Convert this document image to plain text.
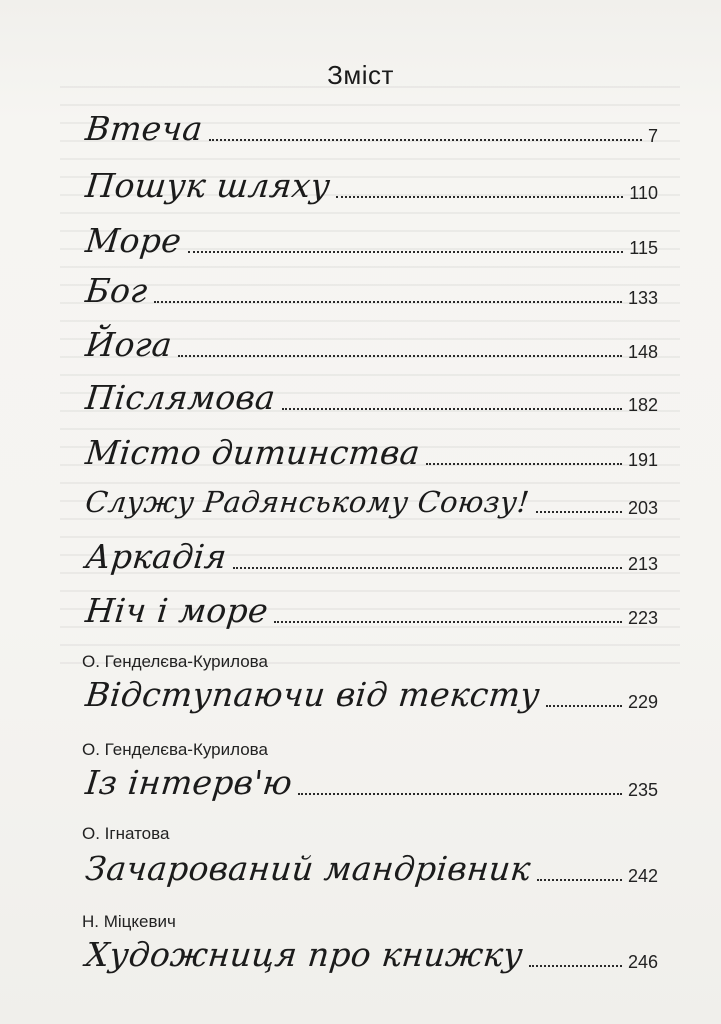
Зміст
Втеча	7
Пошук шляху	110
Море	115
Бог	133
Йога	148
Післямова	182
Місто дитинства	191
Служу Радянському Союзу!	203
Аркадія	213
Ніч і море	223
О. Генделєва-Курилова
Відступаючи від тексту	229
О. Генделєва-Курилова
Із інтерв'ю	235
О. Ігнатова
Зачарований мандрівник	242
Н. Міцкевич
Художниця про книжку	246
